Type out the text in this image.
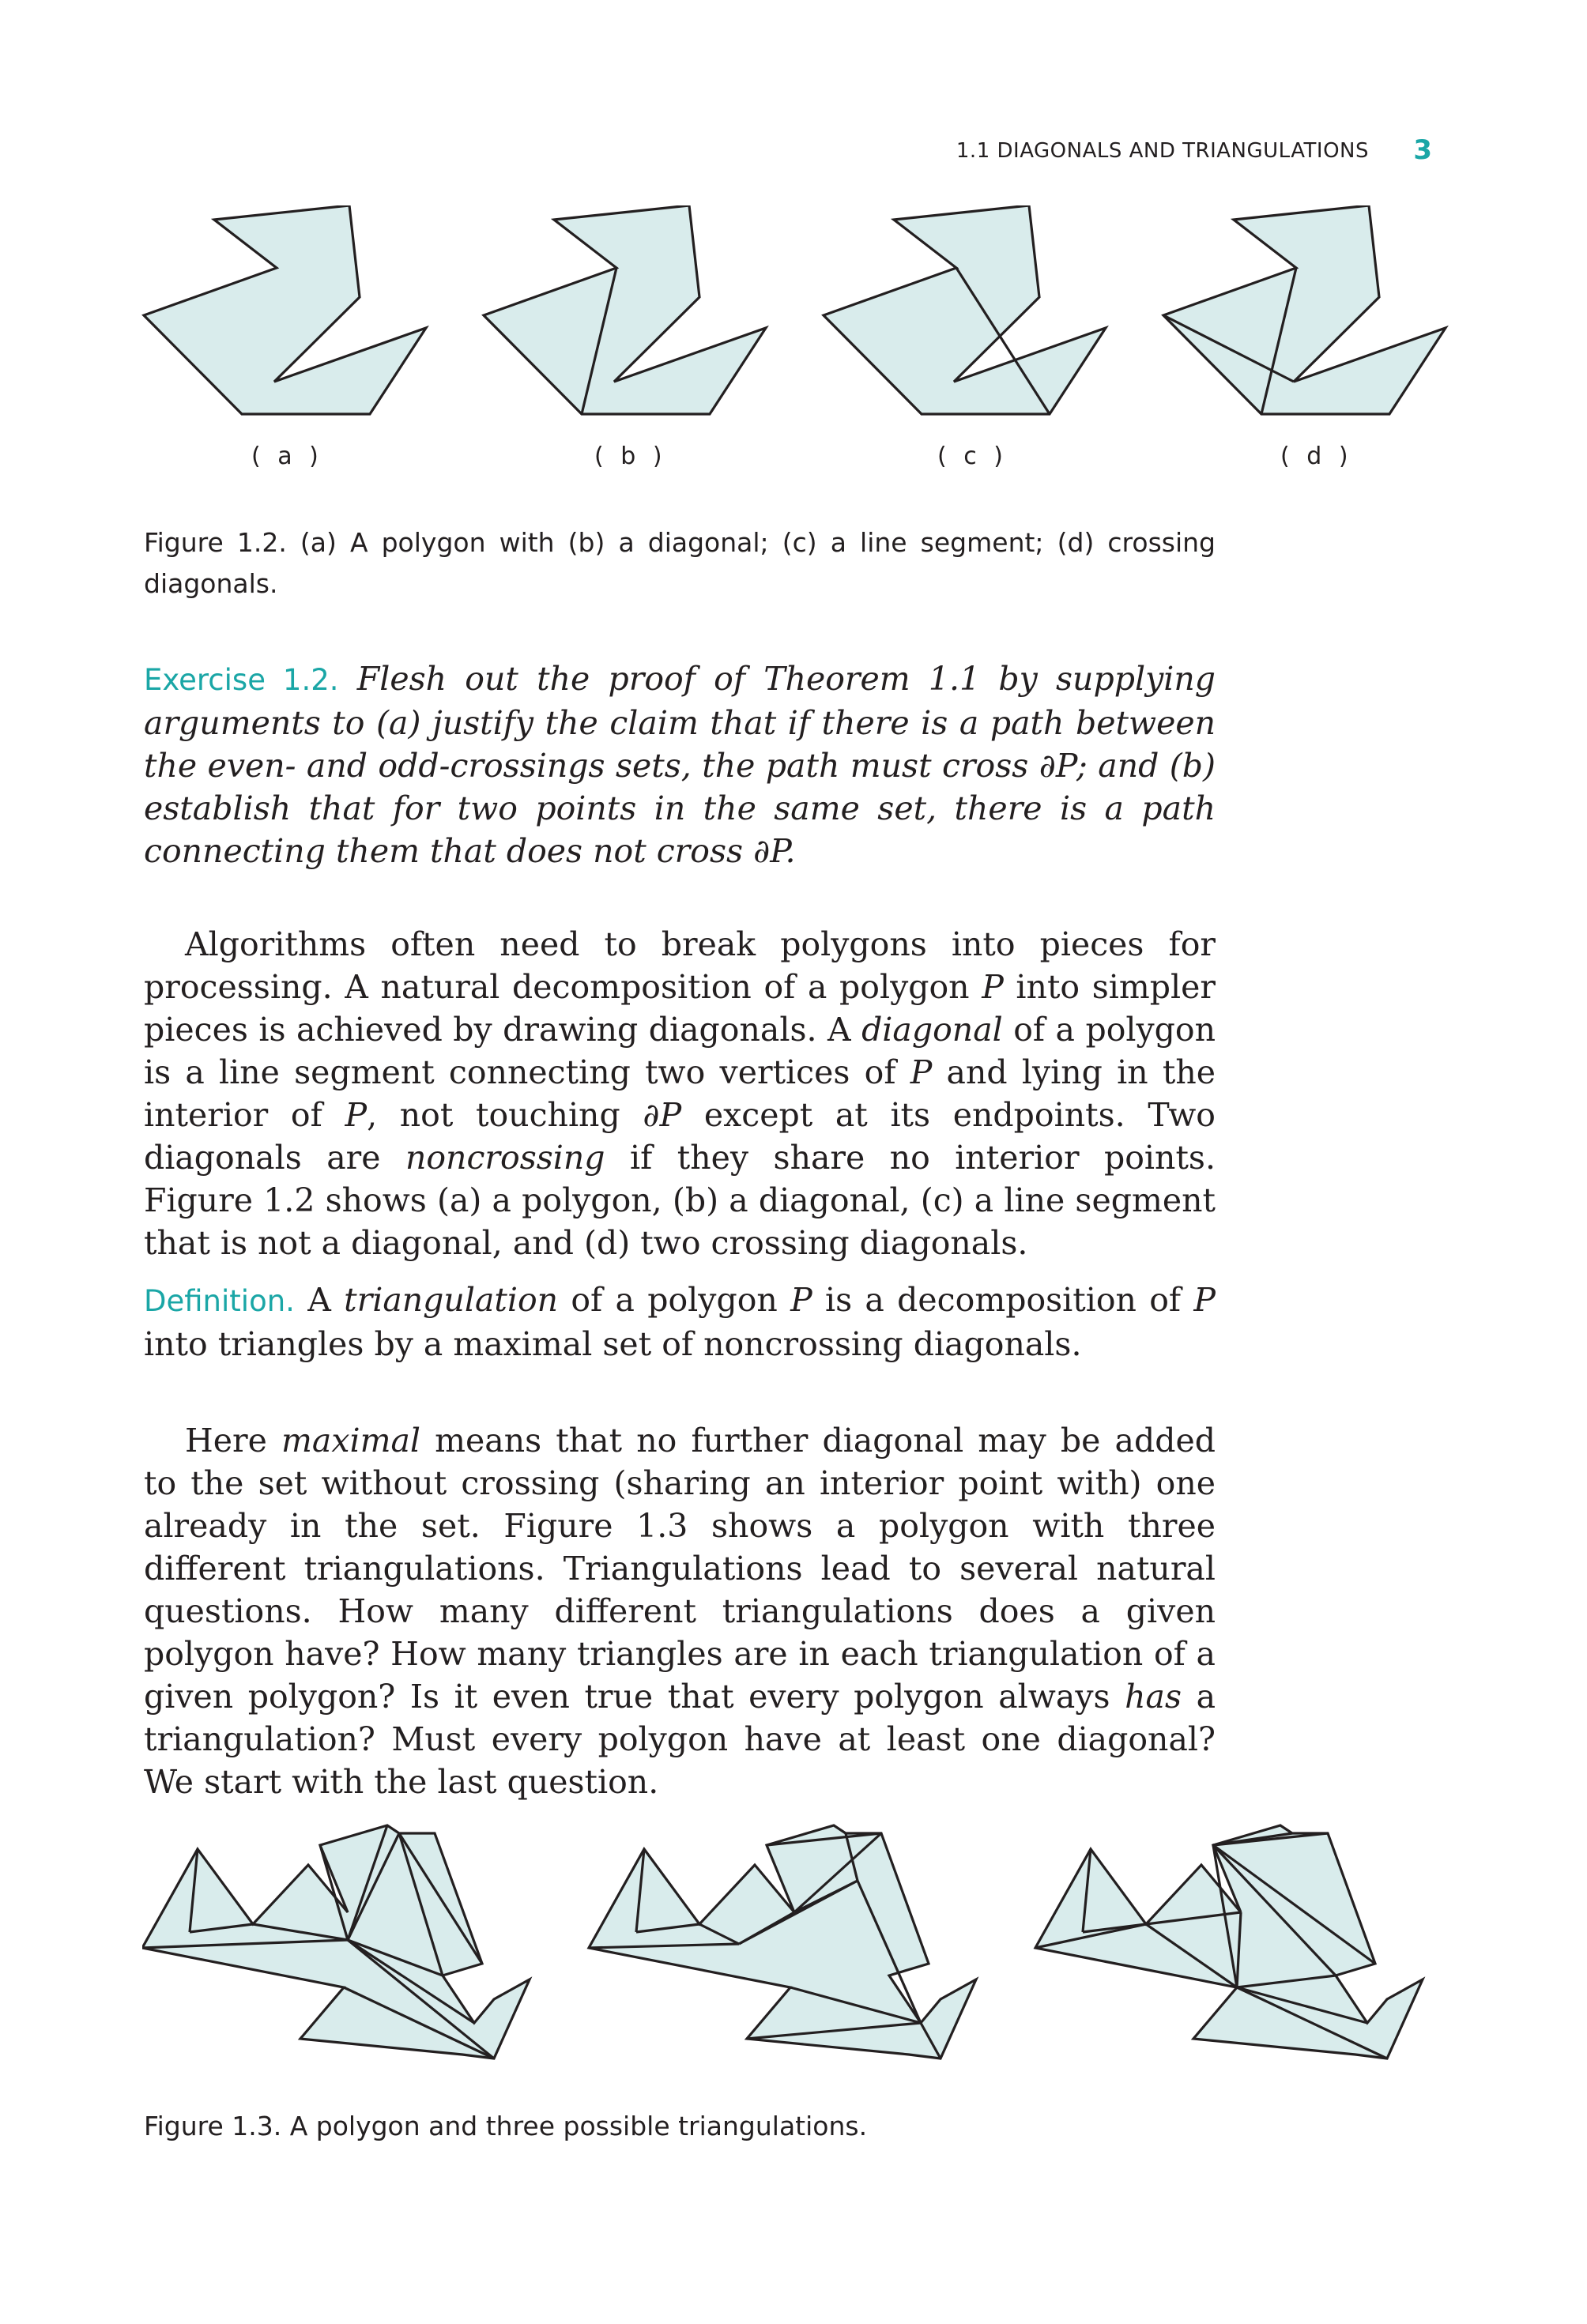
1.1 DIAGONALS AND TRIANGULATIONS 3
( a )	( b )	( c )	( d )
Figure 1.2. (a) A polygon with (b) a diagonal; (c) a line segment; (d) crossing diagonals.
Exercise 1.2. Flesh out the proof of Theorem 1.1 by supplying arguments to (a) justify the claim that if there is a path between the even- and odd-crossings sets, the path must cross ∂P; and (b) establish that for two points in the same set, there is a path connecting them that does not cross ∂P.
Algorithms often need to break polygons into pieces for processing. A natural decomposition of a polygon P into simpler pieces is achieved by drawing diagonals. A diagonal of a polygon is a line segment connecting two vertices of P and lying in the interior of P, not touching ∂P except at its endpoints. Two diagonals are noncrossing if they share no interior points. Figure 1.2 shows (a) a polygon, (b) a diagonal, (c) a line segment that is not a diagonal, and (d) two crossing diagonals.
Definition. A triangulation of a polygon P is a decomposition of P into triangles by a maximal set of noncrossing diagonals.
Here maximal means that no further diagonal may be added to the set without crossing (sharing an interior point with) one already in the set. Figure 1.3 shows a polygon with three different triangulations. Triangulations lead to several natural questions. How many different triangulations does a given polygon have? How many triangles are in each triangulation of a given polygon? Is it even true that every polygon always has a triangulation? Must every polygon have at least one diagonal? We start with the last question.
Figure 1.3. A polygon and three possible triangulations.
